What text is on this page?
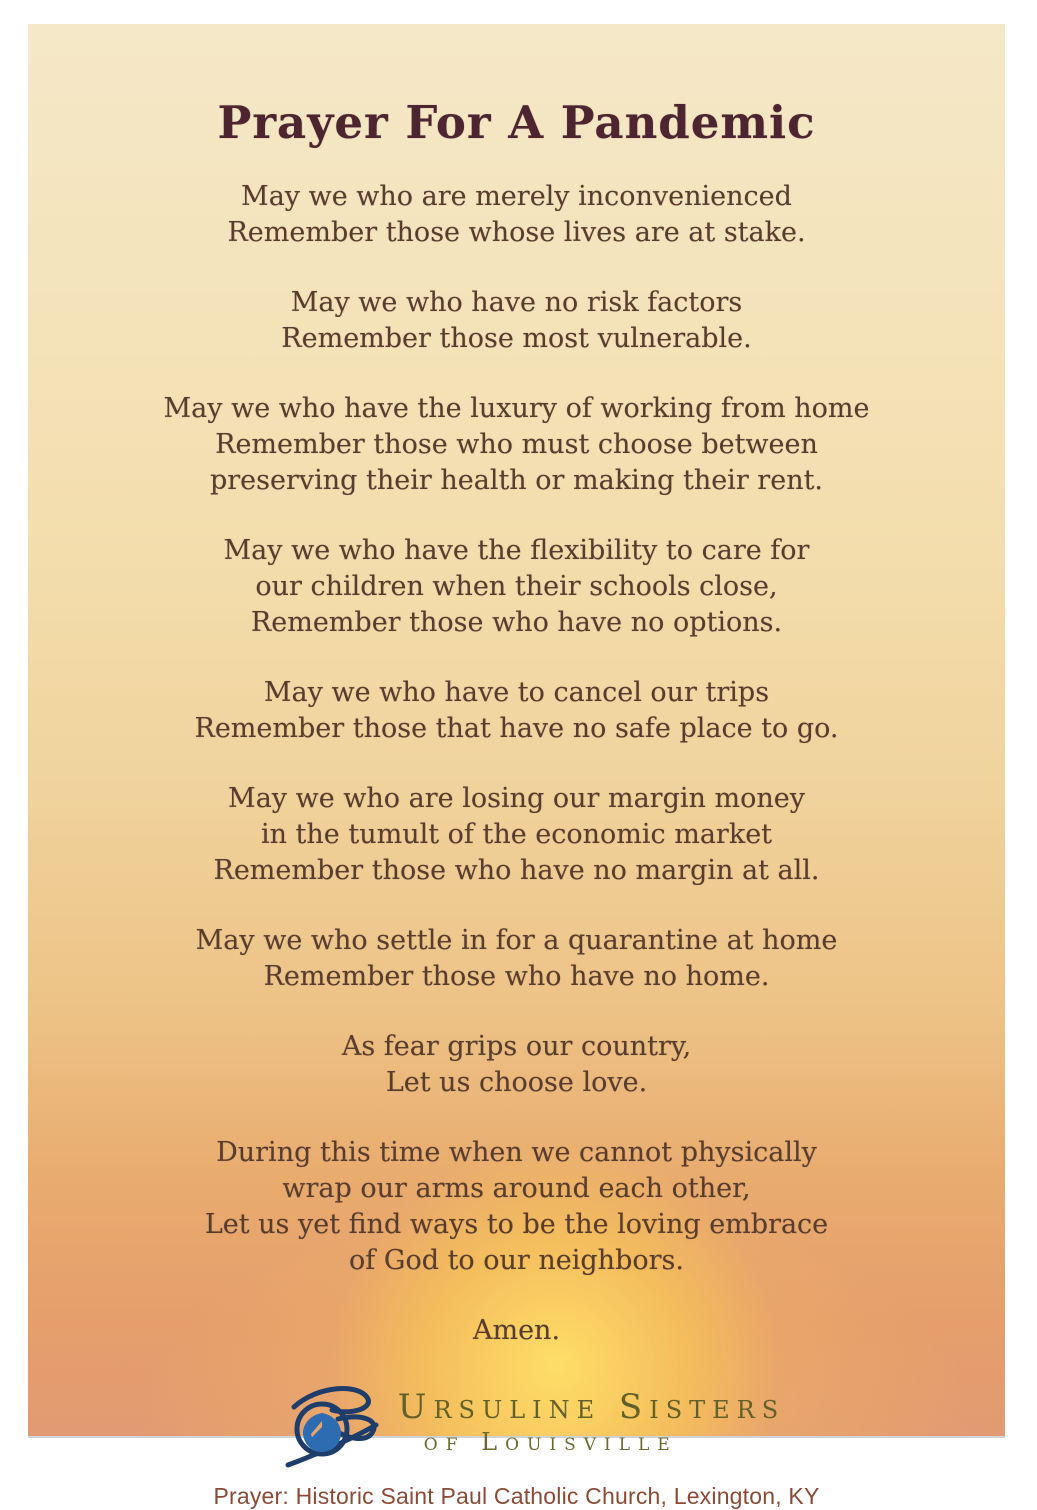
Prayer For A Pandemic
May we who are merely inconvenienced
Remember those whose lives are at stake.
May we who have no risk factors
Remember those most vulnerable.
May we who have the luxury of working from home
Remember those who must choose between
preserving their health or making their rent.
May we who have the flexibility to care for
our children when their schools close,
Remember those who have no options.
May we who have to cancel our trips
Remember those that have no safe place to go.
May we who are losing our margin money
in the tumult of the economic market
Remember those who have no margin at all.
May we who settle in for a quarantine at home
Remember those who have no home.
As fear grips our country,
Let us choose love.
During this time when we cannot physically
wrap our arms around each other,
Let us yet find ways to be the loving embrace
of God to our neighbors.
Amen.
Ursuline Sisters
of Louisville
Prayer: Historic Saint Paul Catholic Church, Lexington, KY
